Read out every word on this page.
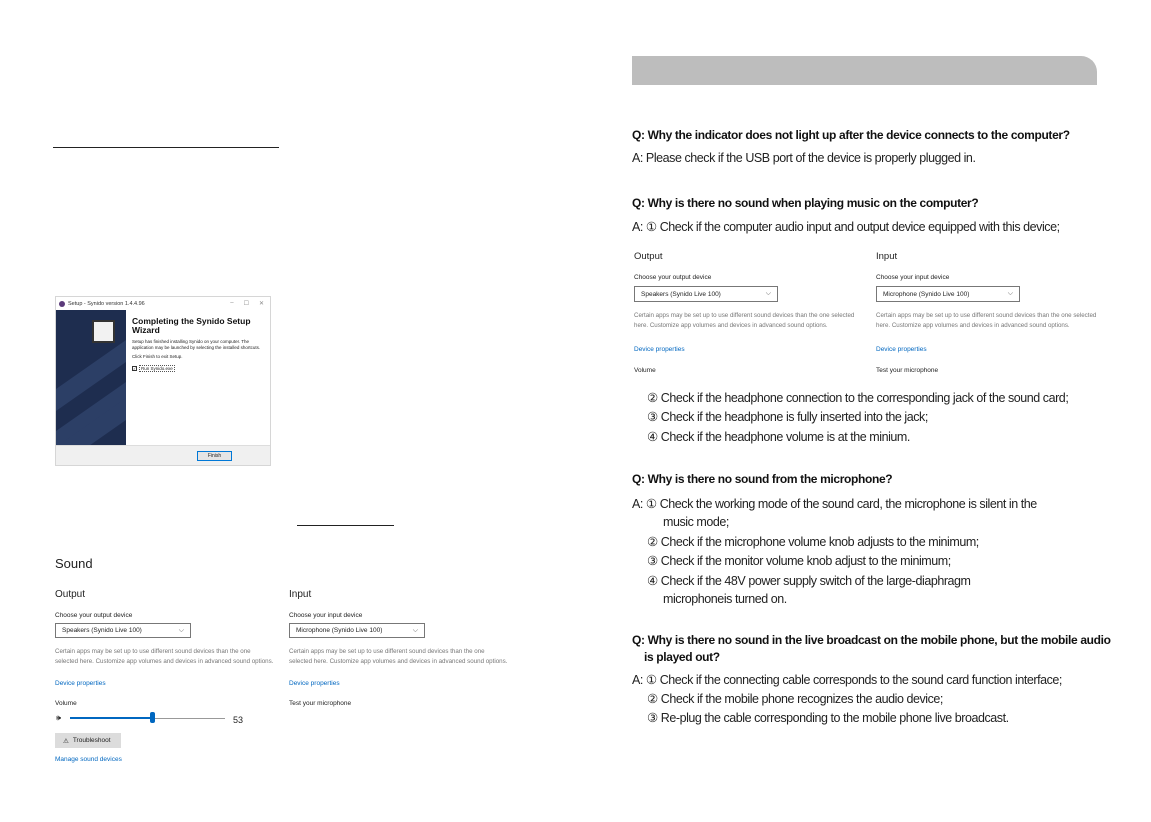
Setup - Synido version 1.4.4.96	– ☐ ✕
Completing the Synido Setup Wizard
Setup has finished installing Synido on your computer. The application may be launched by selecting the installed shortcuts.
Click Finish to exit Setup.
✓	Run Synido.exe
Finish
Sound
Output
Choose your output device
Speakers (Synido Live 100)	⌵
Certain apps may be set up to use different sound devices than the one selected here. Customize app volumes and devices in advanced sound options.
Device properties
Volume
🕪	53
⚠ Troubleshoot
Manage sound devices
Input
Choose your input device
Microphone (Synido Live 100)	⌵
Certain apps may be set up to use different sound devices than the one selected here. Customize app volumes and devices in advanced sound options.
Device properties
Test your microphone
Q: Why the indicator does not light up after the device connects to the computer?
A: Please check if the USB port of the device is properly plugged in.
Q: Why is there no sound when playing music on the computer?
A: ① Check if the computer audio input and output device equipped with this device;
Output
Choose your output device
Speakers (Synido Live 100)	⌵
Certain apps may be set up to use different sound devices than the one selected here. Customize app volumes and devices in advanced sound options.
Device properties
Volume
Input
Choose your input device
Microphone (Synido Live 100)	⌵
Certain apps may be set up to use different sound devices than the one selected here. Customize app volumes and devices in advanced sound options.
Device properties
Test your microphone
② Check if the headphone connection to the corresponding jack of the sound card;
③ Check if the headphone is fully inserted into the jack;
④ Check if the headphone volume is at the minium.
Q: Why is there no sound from the microphone?
A: ① Check the working mode of the sound card, the microphone is silent in the
music mode;
② Check if the microphone volume knob adjusts to the minimum;
③ Check if the monitor volume knob adjust to the minimum;
④ Check if the 48V power supply switch of the large-diaphragm
microphoneis turned on.
Q: Why is there no sound in the live broadcast on the mobile phone, but the mobile audio
is played out?
A: ① Check if the connecting cable corresponds to the sound card function interface;
② Check if the mobile phone recognizes the audio device;
③ Re-plug the cable corresponding to the mobile phone live broadcast.
